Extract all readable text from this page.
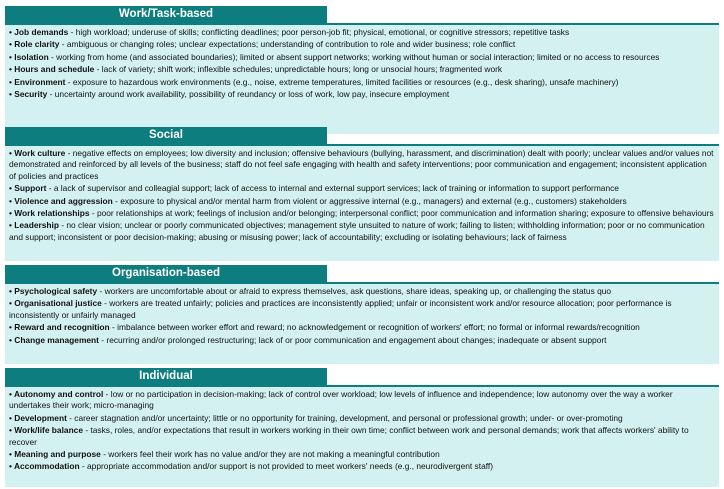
Work/Task-based
• Job demands - high workload; underuse of skills; conflicting deadlines; poor person-job fit; physical, emotional, or cognitive stressors; repetitive tasks
• Role clarity - ambiguous or changing roles; unclear expectations; understanding of contribution to role and wider business; role conflict
• Isolation - working from home (and associated boundaries); limited or absent support networks; working without human or social interaction; limited or no access to resources
• Hours and schedule - lack of variety; shift work; inflexible schedules; unpredictable hours; long or unsocial hours; fragmented work
• Environment - exposure to hazardous work environments (e.g., noise, extreme temperatures, limited facilities or resources (e.g., desk sharing), unsafe machinery)
• Security - uncertainty around work availability, possibility of reundancy or loss of work, low pay, insecure employment
Social
• Work culture - negative effects on employees; low diversity and inclusion; offensive behaviours (bullying, harassment, and discrimination) dealt with poorly; unclear values and/or values not demonstrated and reinforced by all levels of the business; staff do not feel safe engaging with health and safety interventions; poor communication and engagement; inconsistent application of policies and practices
• Support - a lack of supervisor and colleagial support; lack of access to internal and external support services; lack of training or information to support performance
• Violence and aggression - exposure to physical and/or mental harm from violent or aggressive internal (e.g., managers) and external (e.g., customers) stakeholders
• Work relationships - poor relationships at work; feelings of inclusion and/or belonging; interpersonal conflict; poor communication and information sharing; exposure to offensive behaviours
• Leadership - no clear vision; unclear or poorly communicated objectives; management style unsuited to nature of work; failing to listen; withholding information; poor or no communication and support; inconsistent or poor decision-making; abusing or misusing power; lack of accountability; excluding or isolating behaviours; lack of fairness
Organisation-based
• Psychological safety - workers are uncomfortable about or afraid to express themselves, ask questions, share ideas, speaking up, or challenging the status quo
• Organisational justice - workers are treated unfairly; policies and practices are inconsistently applied; unfair or inconsistent work and/or resource allocation; poor performance is inconsistently or unfairly managed
• Reward and recognition - imbalance between worker effort and reward; no acknowledgement or recognition of workers' effort; no formal or informal rewards/recognition
• Change management - recurring and/or prolonged restructuring; lack of or poor communication and engagement about changes; inadequate or absent support
Individual
• Autonomy and control - low or no participation in decision-making; lack of control over workload; low levels of influence and independence; low autonomy over the way a worker undertakes their work; micro-managing
• Development - career stagnation and/or uncertainty; little or no opportunity for training, development, and personal or professional growth; under- or over-promoting
• Work/life balance - tasks, roles, and/or expectations that result in workers working in their own time; conflict between work and personal demands; work that affects workers' ability to recover
• Meaning and purpose - workers feel their work has no value and/or they are not making a meaningful contribution
• Accommodation - appropriate accommodation and/or support is not provided to meet workers' needs (e.g., neurodivergent staff)
